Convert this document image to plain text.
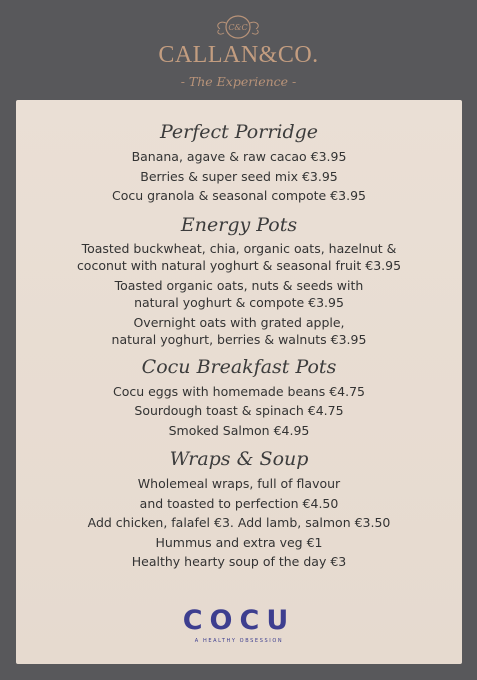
C&C
CALLAN&CO.
- The Experience -
Perfect Porridge

Banana, agave & raw cacao €3.95

Berries & super seed mix €3.95

Cocu granola & seasonal compote €3.95

Energy Pots

Toasted buckwheat, chia, organic oats, hazelnut &

coconut with natural yoghurt & seasonal fruit €3.95

Toasted organic oats, nuts & seeds with

natural yoghurt & compote €3.95

Overnight oats with grated apple,

natural yoghurt, berries & walnuts €3.95

Cocu Breakfast Pots

Cocu eggs with homemade beans €4.75

Sourdough toast & spinach €4.75

Smoked Salmon €4.95

Wraps & Soup

Wholemeal wraps, full of flavour

and toasted to perfection €4.50

Add chicken, falafel €3. Add lamb, salmon €3.50

Hummus and extra veg €1

Healthy hearty soup of the day €3

COCU
A HEALTHY OBSESSION
